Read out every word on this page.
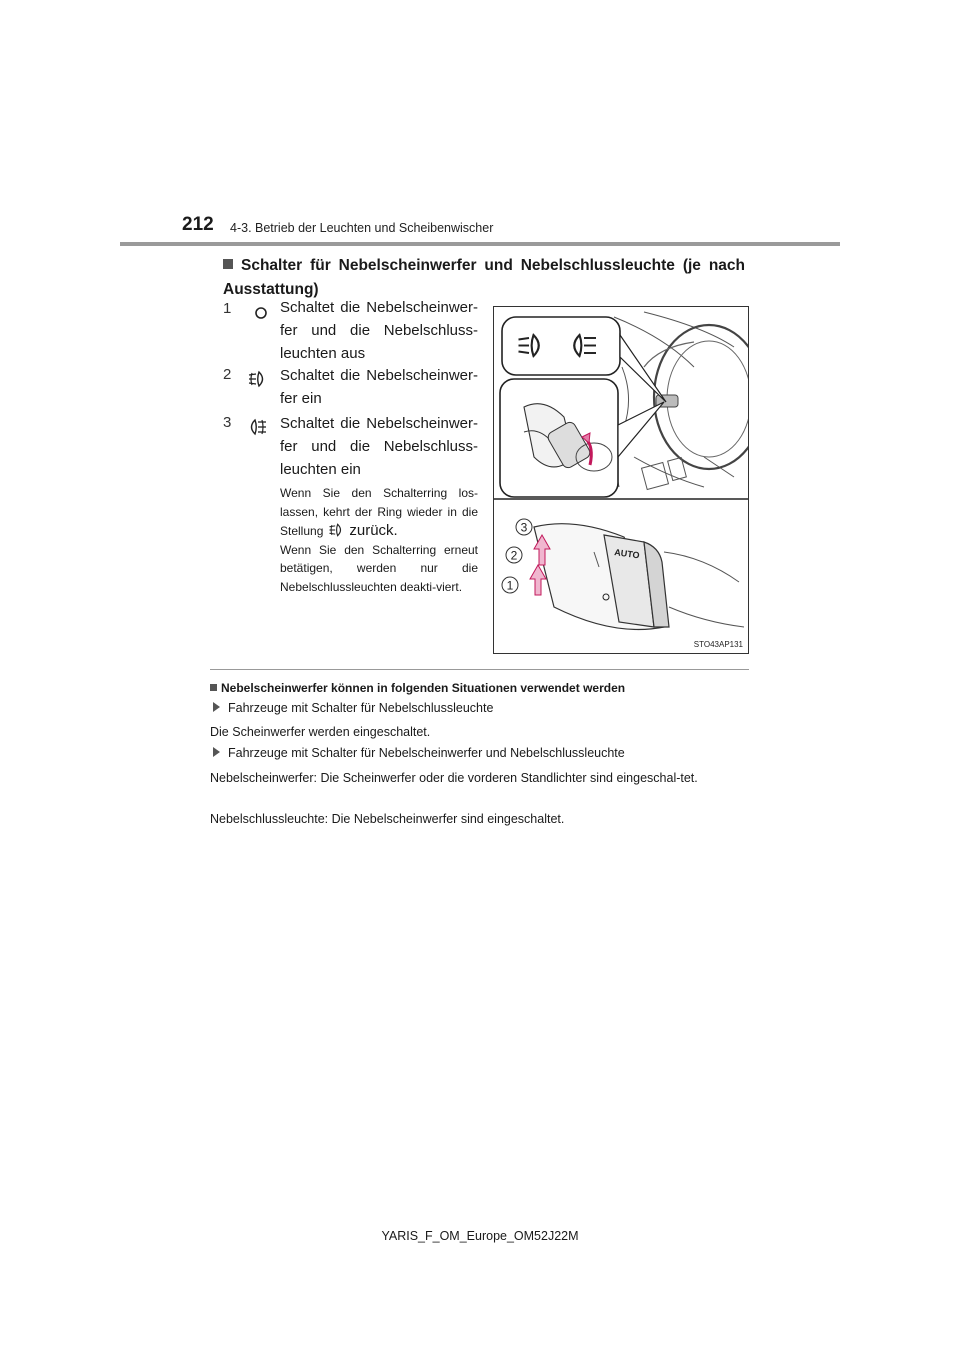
212 4-3. Betrieb der Leuchten und Scheibenwischer
Schalter für Nebelscheinwerfer und Nebelschlussleuchte (je nach Ausstattung)
1	Schaltet die Nebelscheinwer-fer und die Nebelschluss-leuchten aus
2	Schaltet die Nebelscheinwer-fer ein
3	Schaltet die Nebelscheinwer-fer und die Nebelschluss-leuchten ein

Wenn Sie den Schalterring los-lassen, kehrt der Ring wieder in die Stellung zurück.

Wenn Sie den Schalterring erneut betätigen, werden nur die Nebelschlussleuchten deakti-viert.

AUTO
3
2
1
STO43AP131
Nebelscheinwerfer können in folgenden Situationen verwendet werden
Fahrzeuge mit Schalter für Nebelschlussleuchte
Die Scheinwerfer werden eingeschaltet.
Fahrzeuge mit Schalter für Nebelscheinwerfer und Nebelschlussleuchte
Nebelscheinwerfer: Die Scheinwerfer oder die vorderen Standlichter sind eingeschal-tet.
Nebelschlussleuchte: Die Nebelscheinwerfer sind eingeschaltet.
YARIS_F_OM_Europe_OM52J22M
